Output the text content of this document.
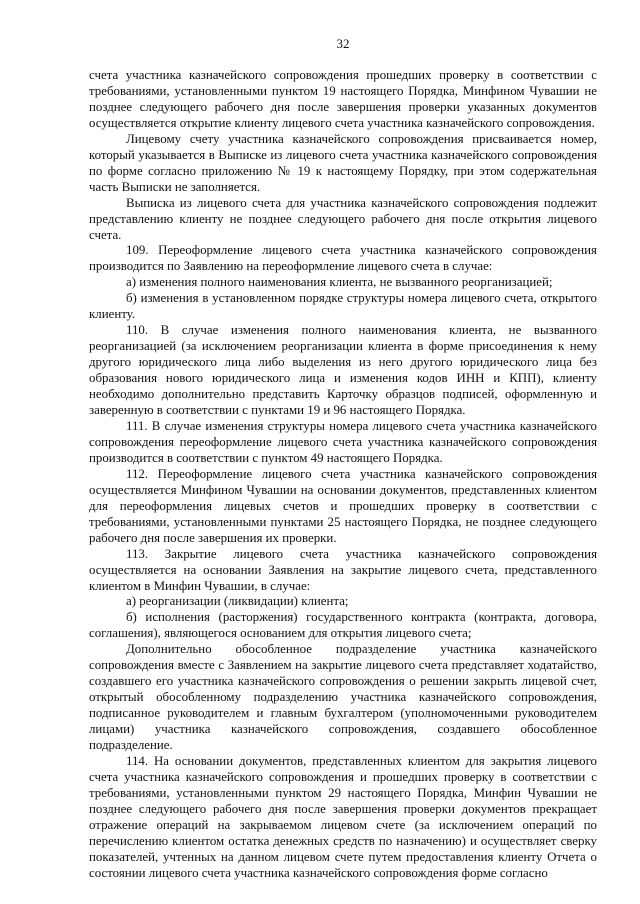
32

счета участника казначейского сопровождения прошедших проверку в соответствии с требованиями, установленными пунктом 19 настоящего Порядка, Минфином Чувашии не позднее следующего рабочего дня после завершения проверки указанных документов осуществляется открытие клиенту лицевого счета участника казначейского сопровождения.

Лицевому счету участника казначейского сопровождения присваивается номер, который указывается в Выписке из лицевого счета участника казначейского сопровождения по форме согласно приложению № 19 к настоящему Порядку, при этом содержательная часть Выписки не заполняется.

Выписка из лицевого счета для участника казначейского сопровождения подлежит представлению клиенту не позднее следующего рабочего дня после открытия лицевого счета.

109. Переоформление лицевого счета участника казначейского сопровождения производится по Заявлению на переоформление лицевого счета в случае:

а) изменения полного наименования клиента, не вызванного реорганизацией;

б) изменения в установленном порядке структуры номера лицевого счета, открытого клиенту.

110. В случае изменения полного наименования клиента, не вызванного реорганизацией (за исключением реорганизации клиента в форме присоединения к нему другого юридического лица либо выделения из него другого юридического лица без образования нового юридического лица и изменения кодов ИНН и КПП), клиенту необходимо дополнительно представить Карточку образцов подписей, оформленную и заверенную в соответствии с пунктами 19 и 96 настоящего Порядка.

111. В случае изменения структуры номера лицевого счета участника казначейского сопровождения переоформление лицевого счета участника казначейского сопровождения производится в соответствии с пунктом 49 настоящего Порядка.

112. Переоформление лицевого счета участника казначейского сопровождения осуществляется Минфином Чувашии на основании документов, представленных клиентом для переоформления лицевых счетов и прошедших проверку в соответствии с требованиями, установленными пунктами 25 настоящего Порядка, не позднее следующего рабочего дня после завершения их проверки.

113. Закрытие лицевого счета участника казначейского сопровождения осуществляется на основании Заявления на закрытие лицевого счета, представленного клиентом в Минфин Чувашии, в случае:

а) реорганизации (ликвидации) клиента;

б) исполнения (расторжения) государственного контракта (контракта, договора, соглашения), являющегося основанием для открытия лицевого счета;

Дополнительно обособленное подразделение участника казначейского сопровождения вместе с Заявлением на закрытие лицевого счета представляет ходатайство, создавшего его участника казначейского сопровождения о решении закрыть лицевой счет, открытый обособленному подразделению участника казначейского сопровождения, подписанное руководителем и главным бухгалтером (уполномоченными руководителем лицами) участника казначейского сопровождения, создавшего обособленное подразделение.

114. На основании документов, представленных клиентом для закрытия лицевого счета участника казначейского сопровождения и прошедших проверку в соответствии с требованиями, установленными пунктом 29 настоящего Порядка, Минфин Чувашии не позднее следующего рабочего дня после завершения проверки документов прекращает отражение операций на закрываемом лицевом счете (за исключением операций по перечислению клиентом остатка денежных средств по назначению) и осуществляет сверку показателей, учтенных на данном лицевом счете путем предоставления клиенту Отчета о состоянии лицевого счета участника казначейского сопровождения форме согласно
